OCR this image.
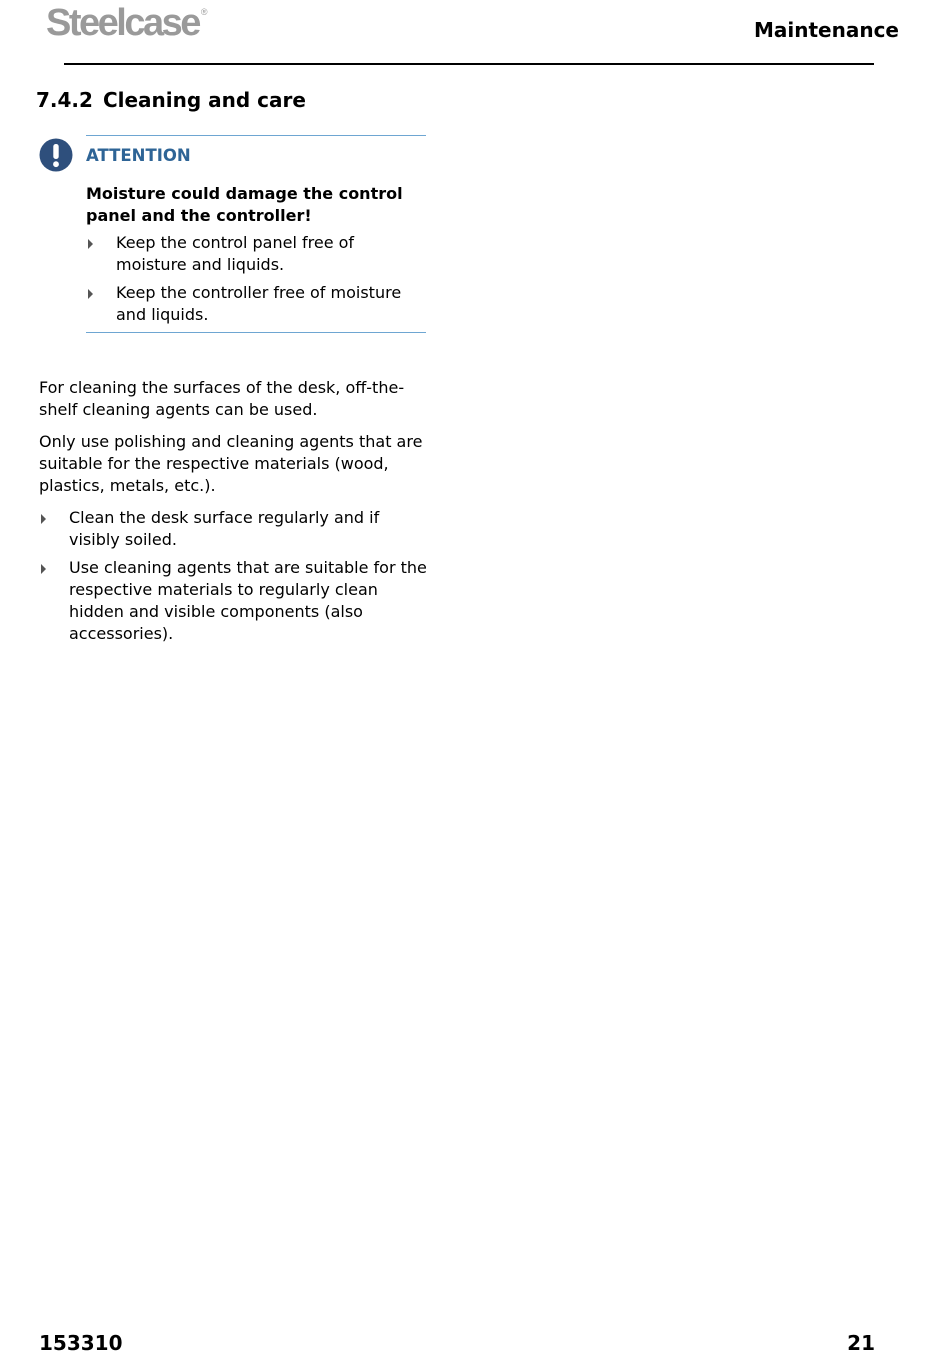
Steelcase ®
Maintenance
7.4.2 Cleaning and care
ATTENTION
Moisture could damage the control panel and the controller!
Keep the control panel free of moisture and liquids.
Keep the controller free of moisture and liquids.

For cleaning the surfaces of the desk, off-the-shelf cleaning agents can be used.

Only use polishing and cleaning agents that are suitable for the respective materials (wood, plastics, metals, etc.).

Clean the desk surface regularly and if visibly soiled.
Use cleaning agents that are suitable for the respective materials to regularly clean hidden and visible components (also accessories).
153310	21
